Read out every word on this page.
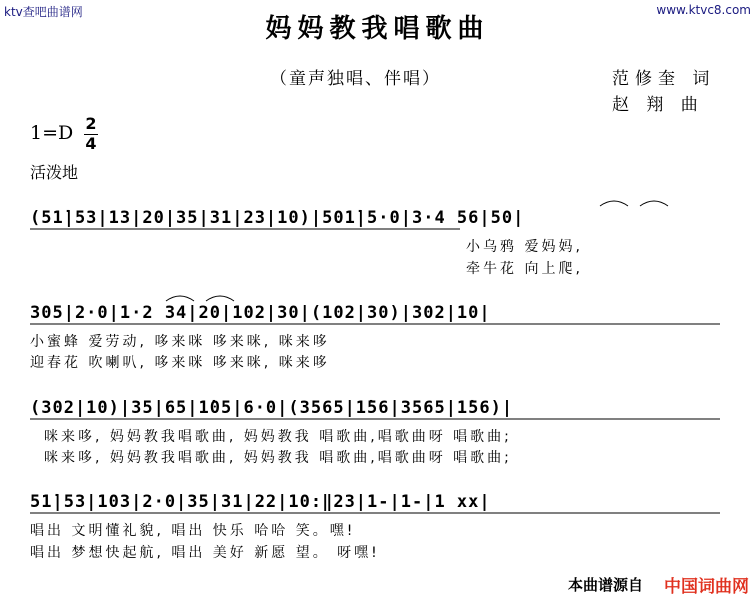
ktv查吧曲谱网	www.ktvc8.com
妈妈教我唱歌曲
（童声独唱、伴唱）	范修奎 词
赵 翔 曲
1=D 2
4
活泼地
(51̇|53|13|20|35|31|23|10)|501̇|5·0|3·4 56|50|
小乌鸦 爱妈妈,
牵牛花 向上爬,
305|2·0|1·2 34|20|102|30|(102|30)|302|10|
小蜜蜂 爱劳动, 哆来咪 哆来咪, 咪来哆
迎春花 吹喇叭, 哆来咪 哆来咪, 咪来哆
(302|10)|35|65|1̇05|6·0|(3565|1̇56|3565|1̇56)|
咪来哆, 妈妈教我唱歌曲, 妈妈教我 唱歌曲,唱歌曲呀 唱歌曲;
咪来哆, 妈妈教我唱歌曲, 妈妈教我 唱歌曲,唱歌曲呀 唱歌曲;
51̇|53|103|2·0|35|31|22|10:‖23|1-|1-|1 xx|
唱出 文明懂礼貌, 唱出 快乐 哈哈 笑。嘿!
唱出 梦想快起航, 唱出 美好 新愿 望。 呀嘿!
本曲谱源自 中国词曲网
